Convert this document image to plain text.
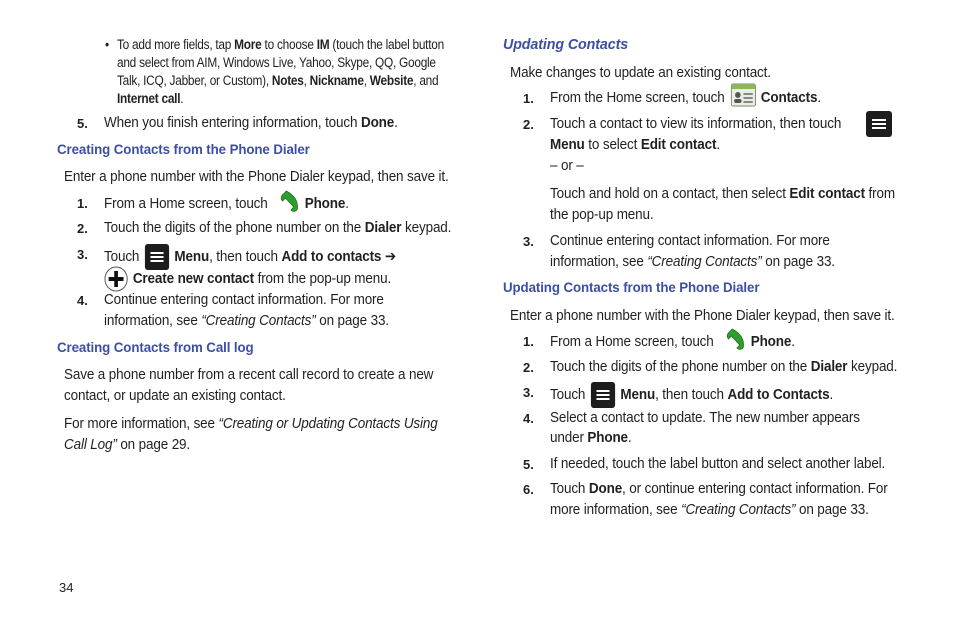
• To add more fields, tap More to choose IM (touch the label button
and select from AIM, Windows Live, Yahoo, Skype, QQ, Google
Talk, ICQ, Jabber, or Custom), Notes, Nickname, Website, and
Internet call.
5. When you finish entering information, touch Done.
Creating Contacts from the Phone Dialer
Enter a phone number with the Phone Dialer keypad, then save it.
1. From a Home screen, touch Phone.
2. Touch the digits of the phone number on the Dialer keypad.
3. Touch
Menu, then touch Add to contacts ➔
Create new contact from the pop-up menu.
4. Continue entering contact information. For more
information, see “Creating Contacts” on page 33.
Creating Contacts from Call log
Save a phone number from a recent call record to create a new
contact, or update an existing contact.
For more information, see “Creating or Updating Contacts Using
Call Log” on page 29.
Updating Contacts
Make changes to update an existing contact.
1. From the Home screen, touch Contacts.
2. Touch a contact to view its information, then touch
Menu to select Edit contact.
– or –
Touch and hold on a contact, then select Edit contact from
the pop-up menu.
3. Continue entering contact information. For more
information, see “Creating Contacts” on page 33.
Updating Contacts from the Phone Dialer
Enter a phone number with the Phone Dialer keypad, then save it.
1. From a Home screen, touch Phone.
2. Touch the digits of the phone number on the Dialer keypad.
3. Touch
Menu, then touch Add to Contacts.
4. Select a contact to update. The new number appears
under Phone.
5. If needed, touch the label button and select another label.
6. Touch Done, or continue entering contact information. For
more information, see “Creating Contacts” on page 33.
34
